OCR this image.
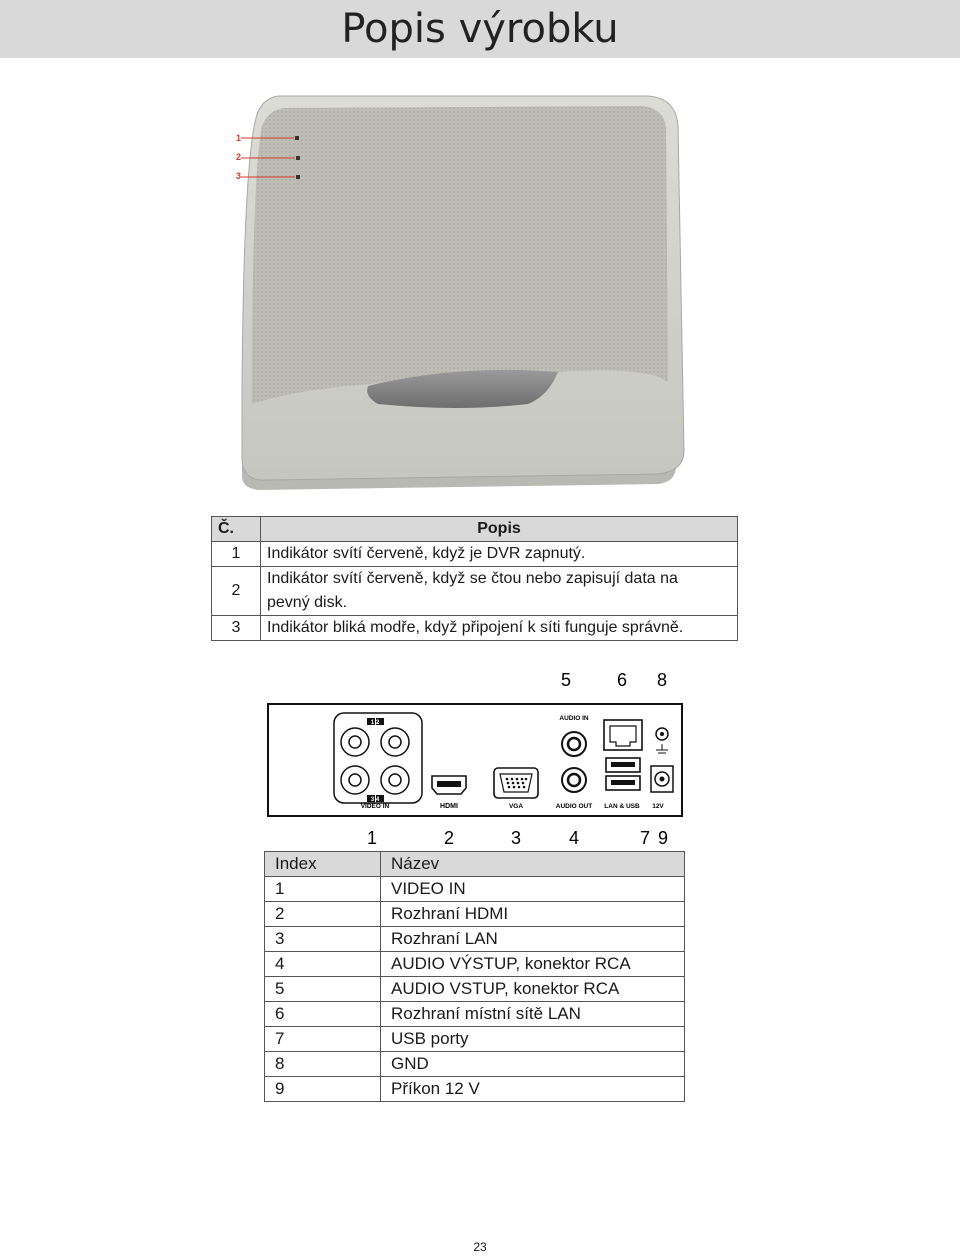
Popis výrobku
1
2
3
Č.	Popis
1	Indikátor svítí červeně, když je DVR zapnutý.
2	Indikátor svítí červeně, když se čtou nebo zapisují data na pevný disk.
3	Indikátor bliká modře, když připojení k síti funguje správně.
5	6 8
1 2
3 4
VIDEO IN	HDMI	VGA
AUDIO IN
AUDIO OUT LAN & USB 12V
1	2	3	4	7 9
Index	Název
1	VIDEO IN
2	Rozhraní HDMI
3	Rozhraní LAN
4	AUDIO VÝSTUP, konektor RCA
5	AUDIO VSTUP, konektor RCA
6	Rozhraní místní sítě LAN
7	USB porty
8	GND
9	Příkon 12 V
23
